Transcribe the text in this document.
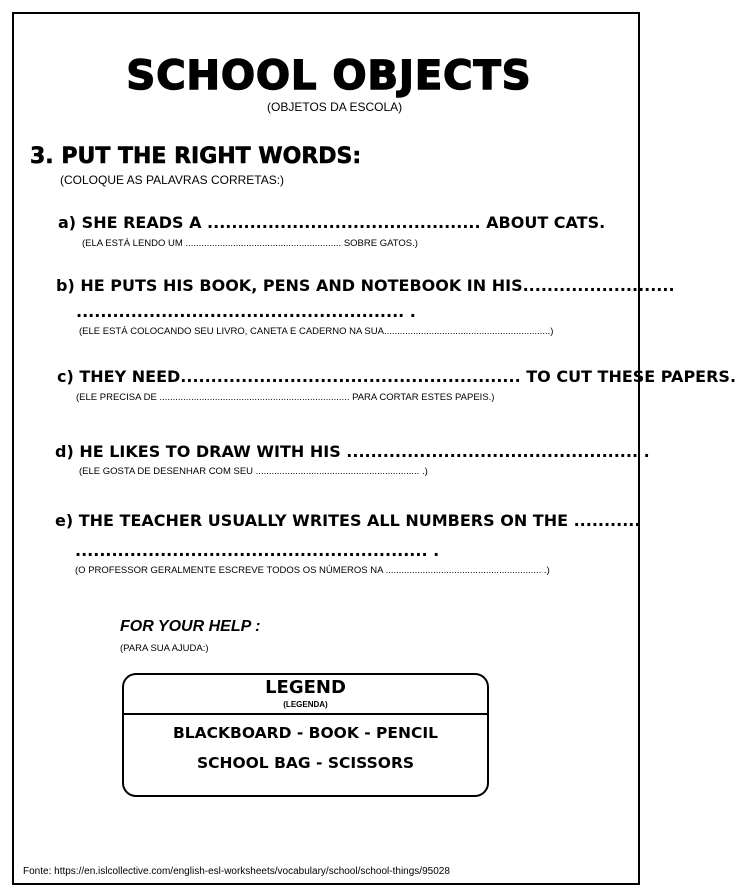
SCHOOL OBJECTS
(OBJETOS DA ESCOLA)
3. PUT THE RIGHT WORDS:
(COLOQUE AS PALAVRAS CORRETAS:)
a) SHE READS A ............................................. ABOUT CATS.
(ELA ESTÁ LENDO UM ........................................................... SOBRE GATOS.)
b) HE PUTS HIS BOOK, PENS AND NOTEBOOK IN HIS.........................
...................................................... .
(ELE ESTÁ COLOCANDO SEU LIVRO, CANETA E CADERNO NA SUA...............................................................)
c) THEY NEED........................................................ TO CUT THESE PAPERS.
(ELE PRECISA DE ........................................................................ PARA CORTAR ESTES PAPEIS.)
d) HE LIKES TO DRAW WITH HIS ................................................ .
(ELE GOSTA DE DESENHAR COM SEU .............................................................. .)
e) THE TEACHER USUALLY WRITES ALL NUMBERS ON THE ...........
.......................................................... .
(O PROFESSOR GERALMENTE ESCREVE TODOS OS NÚMEROS NA ........................................................... .)
FOR YOUR HELP :
(PARA SUA AJUDA:)
LEGEND
(LEGENDA)
BLACKBOARD - BOOK - PENCIL
SCHOOL BAG - SCISSORS
Fonte: https://en.islcollective.com/english-esl-worksheets/vocabulary/school/school-things/95028
